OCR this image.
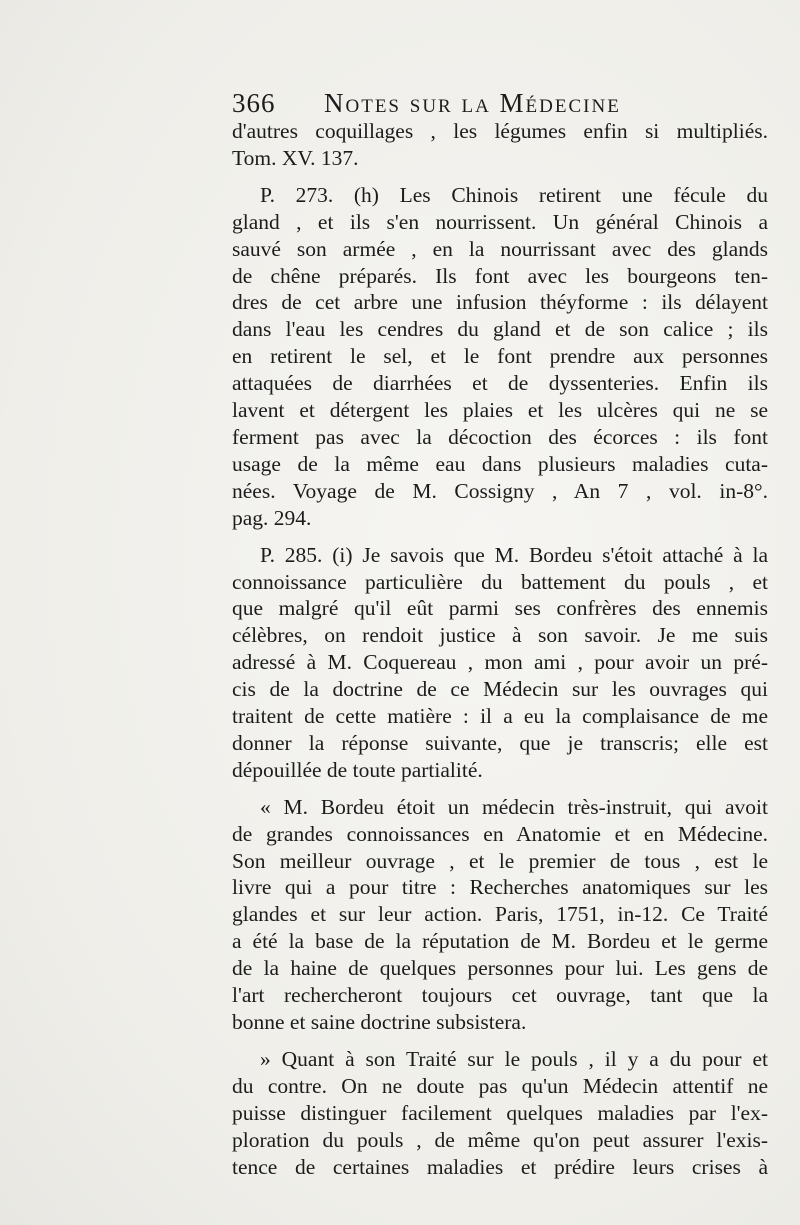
366 Notes sur la Médecine
d'autres coquillages , les légumes enfin si multipliés.
Tom. XV. 137.
P. 273. (h) Les Chinois retirent une fécule du
gland , et ils s'en nourrissent. Un général Chinois a
sauvé son armée , en la nourrissant avec des glands
de chêne préparés. Ils font avec les bourgeons ten-
dres de cet arbre une infusion théyforme : ils délayent
dans l'eau les cendres du gland et de son calice ; ils
en retirent le sel, et le font prendre aux personnes
attaquées de diarrhées et de dyssenteries. Enfin ils
lavent et détergent les plaies et les ulcères qui ne se
ferment pas avec la décoction des écorces : ils font
usage de la même eau dans plusieurs maladies cuta-
nées. Voyage de M. Cossigny , An 7 , vol. in-8°.
pag. 294.
P. 285. (i) Je savois que M. Bordeu s'étoit attaché à la
connoissance particulière du battement du pouls , et
que malgré qu'il eût parmi ses confrères des ennemis
célèbres, on rendoit justice à son savoir. Je me suis
adressé à M. Coquereau , mon ami , pour avoir un pré-
cis de la doctrine de ce Médecin sur les ouvrages qui
traitent de cette matière : il a eu la complaisance de me
donner la réponse suivante, que je transcris; elle est
dépouillée de toute partialité.
« M. Bordeu étoit un médecin très-instruit, qui avoit
de grandes connoissances en Anatomie et en Médecine.
Son meilleur ouvrage , et le premier de tous , est le
livre qui a pour titre : Recherches anatomiques sur les
glandes et sur leur action. Paris, 1751, in-12. Ce Traité
a été la base de la réputation de M. Bordeu et le germe
de la haine de quelques personnes pour lui. Les gens de
l'art rechercheront toujours cet ouvrage, tant que la
bonne et saine doctrine subsistera.
» Quant à son Traité sur le pouls , il y a du pour et
du contre. On ne doute pas qu'un Médecin attentif ne
puisse distinguer facilement quelques maladies par l'ex-
ploration du pouls , de même qu'on peut assurer l'exis-
tence de certaines maladies et prédire leurs crises à
